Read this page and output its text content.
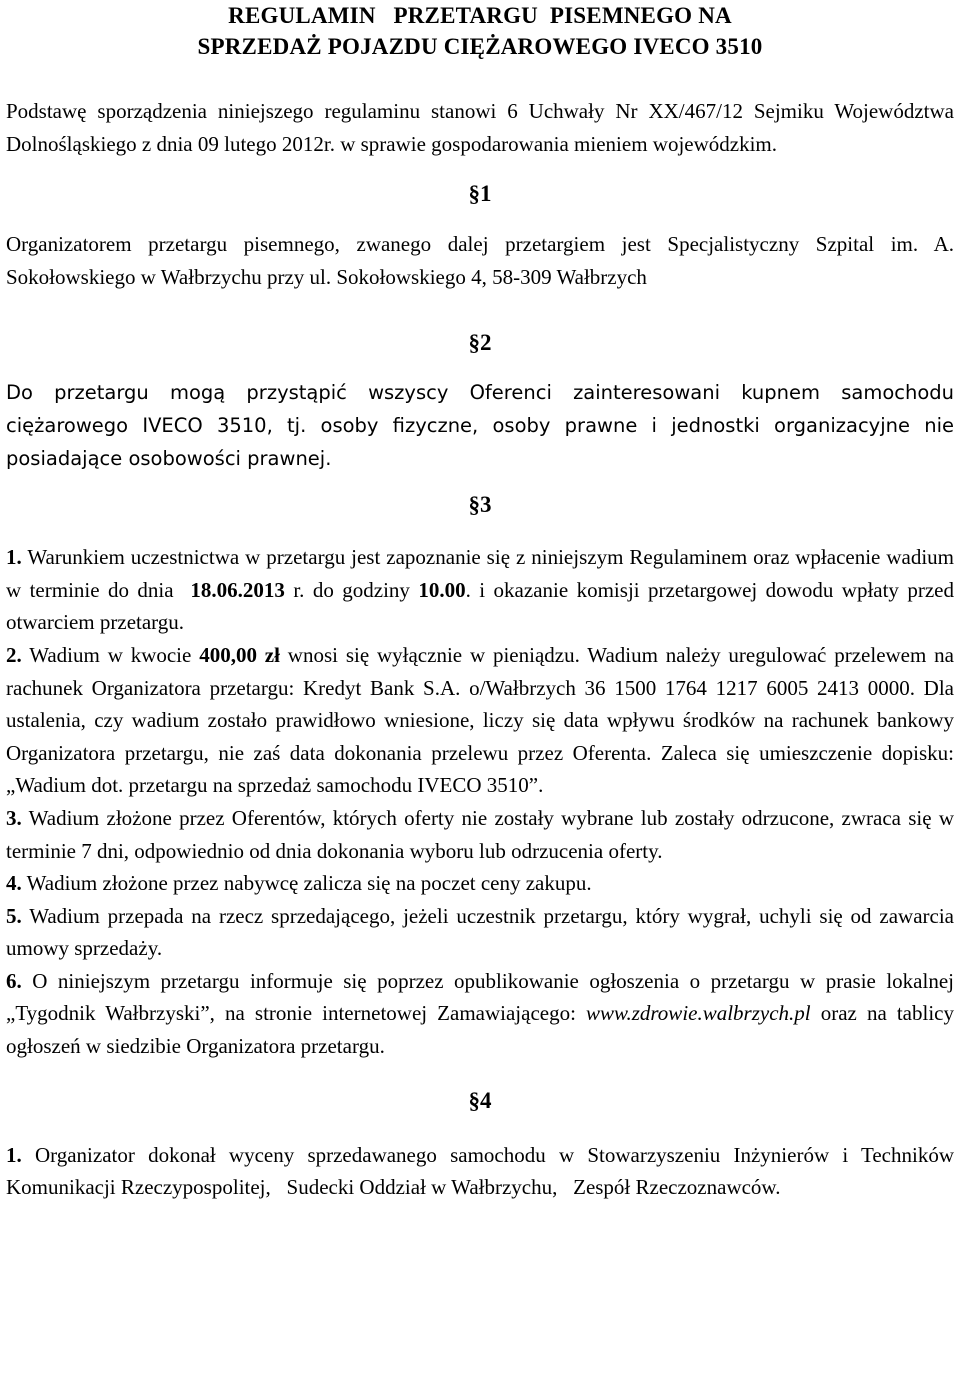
REGULAMIN   PRZETARGU  PISEMNEGO NA
SPRZEDAŻ POJAZDU CIĘŻAROWEGO IVECO 3510

Podstawę sporządzenia niniejszego regulaminu stanowi 6 Uchwały Nr XX/467/12 Sejmiku Województwa Dolnośląskiego z dnia 09 lutego 2012r. w sprawie gospodarowania mieniem wojewódzkim.

§1

Organizatorem przetargu pisemnego, zwanego dalej przetargiem jest Specjalistyczny Szpital im. A. Sokołowskiego w Wałbrzychu przy ul. Sokołowskiego 4, 58-309 Wałbrzych

§2

Do przetargu mogą przystąpić wszyscy Oferenci zainteresowani kupnem samochodu ciężarowego IVECO 3510, tj. osoby fizyczne, osoby prawne i jednostki organizacyjne nie posiadające osobowości prawnej.

§3

1. Warunkiem uczestnictwa w przetargu jest zapoznanie się z niniejszym Regulaminem oraz wpłacenie wadium w terminie do dnia  18.06.2013 r. do godziny 10.00. i okazanie komisji przetargowej dowodu wpłaty przed otwarciem przetargu.

2. Wadium w kwocie 400,00 zł wnosi się wyłącznie w pieniądzu. Wadium należy uregulować przelewem na rachunek Organizatora przetargu: Kredyt Bank S.A. o/Wałbrzych 36 1500 1764 1217 6005 2413 0000. Dla ustalenia, czy wadium zostało prawidłowo wniesione, liczy się data wpływu środków na rachunek bankowy Organizatora przetargu, nie zaś data dokonania przelewu przez Oferenta. Zaleca się umieszczenie dopisku: „Wadium dot. przetargu na sprzedaż samochodu IVECO 3510”.

3. Wadium złożone przez Oferentów, których oferty nie zostały wybrane lub zostały odrzucone, zwraca się w terminie 7 dni, odpowiednio od dnia dokonania wyboru lub odrzucenia oferty.

4. Wadium złożone przez nabywcę zalicza się na poczet ceny zakupu.

5. Wadium przepada na rzecz sprzedającego, jeżeli uczestnik przetargu, który wygrał, uchyli się od zawarcia umowy sprzedaży.

6. O niniejszym przetargu informuje się poprzez opublikowanie ogłoszenia o przetargu w prasie lokalnej „Tygodnik Wałbrzyski”, na stronie internetowej Zamawiającego: www.zdrowie.walbrzych.pl oraz na tablicy ogłoszeń w siedzibie Organizatora przetargu.

§4

1. Organizator dokonał wyceny sprzedawanego samochodu w Stowarzyszeniu Inżynierów i Techników Komunikacji Rzeczypospolitej,   Sudecki Oddział w Wałbrzychu,   Zespół Rzeczoznawców.
